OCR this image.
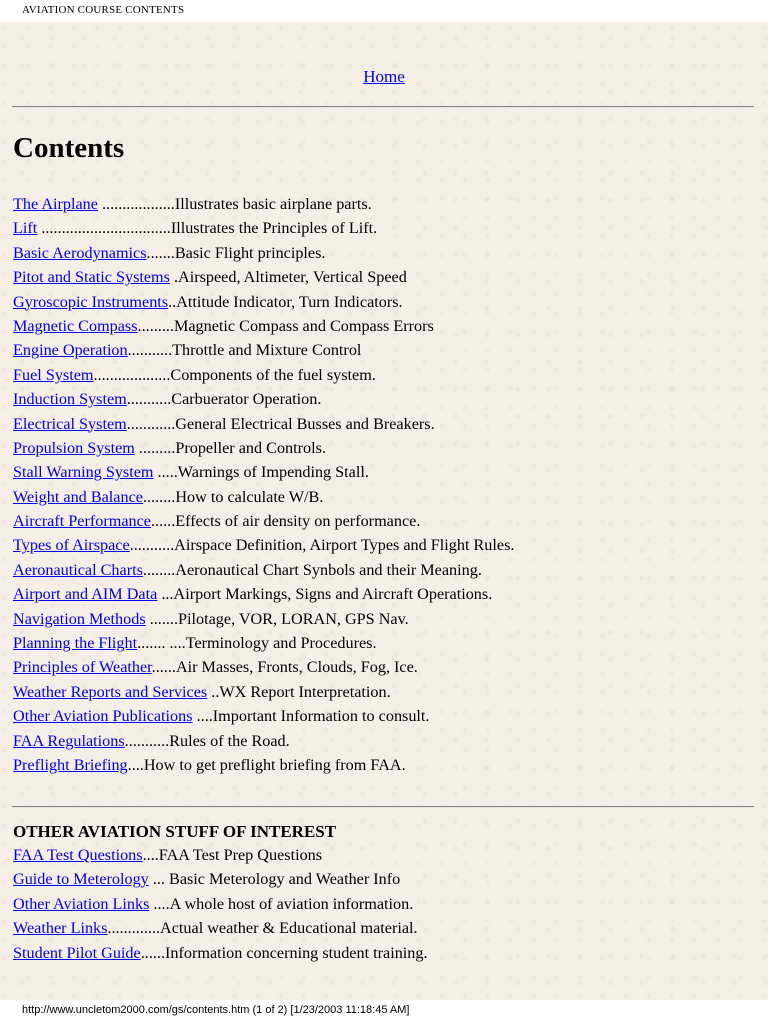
AVIATION COURSE CONTENTS
Home
Contents
The Airplane ..................Illustrates basic airplane parts.
Lift ................................Illustrates the Principles of Lift.
Basic Aerodynamics.......Basic Flight principles.
Pitot and Static Systems .Airspeed, Altimeter, Vertical Speed
Gyroscopic Instruments..Attitude Indicator, Turn Indicators.
Magnetic Compass.........Magnetic Compass and Compass Errors
Engine Operation...........Throttle and Mixture Control
Fuel System...................Components of the fuel system.
Induction System...........Carbuerator Operation.
Electrical System............General Electrical Busses and Breakers.
Propulsion System .........Propeller and Controls.
Stall Warning System .....Warnings of Impending Stall.
Weight and Balance........How to calculate W/B.
Aircraft Performance......Effects of air density on performance.
Types of Airspace...........Airspace Definition, Airport Types and Flight Rules.
Aeronautical Charts........Aeronautical Chart Synbols and their Meaning.
Airport and AIM Data ...Airport Markings, Signs and Aircraft Operations.
Navigation Methods .......Pilotage, VOR, LORAN, GPS Nav.
Planning the Flight....... ....Terminology and Procedures.
Principles of Weather......Air Masses, Fronts, Clouds, Fog, Ice.
Weather Reports and Services ..WX Report Interpretation.
Other Aviation Publications ....Important Information to consult.
FAA Regulations...........Rules of the Road.
Preflight Briefing....How to get preflight briefing from FAA.
OTHER AVIATION STUFF OF INTEREST
FAA Test Questions....FAA Test Prep Questions
Guide to Meterology ... Basic Meterology and Weather Info
Other Aviation Links ....A whole host of aviation information.
Weather Links.............Actual weather & Educational material.
Student Pilot Guide......Information concerning student training.
http://www.uncletom2000.com/gs/contents.htm (1 of 2) [1/23/2003 11:18:45 AM]
